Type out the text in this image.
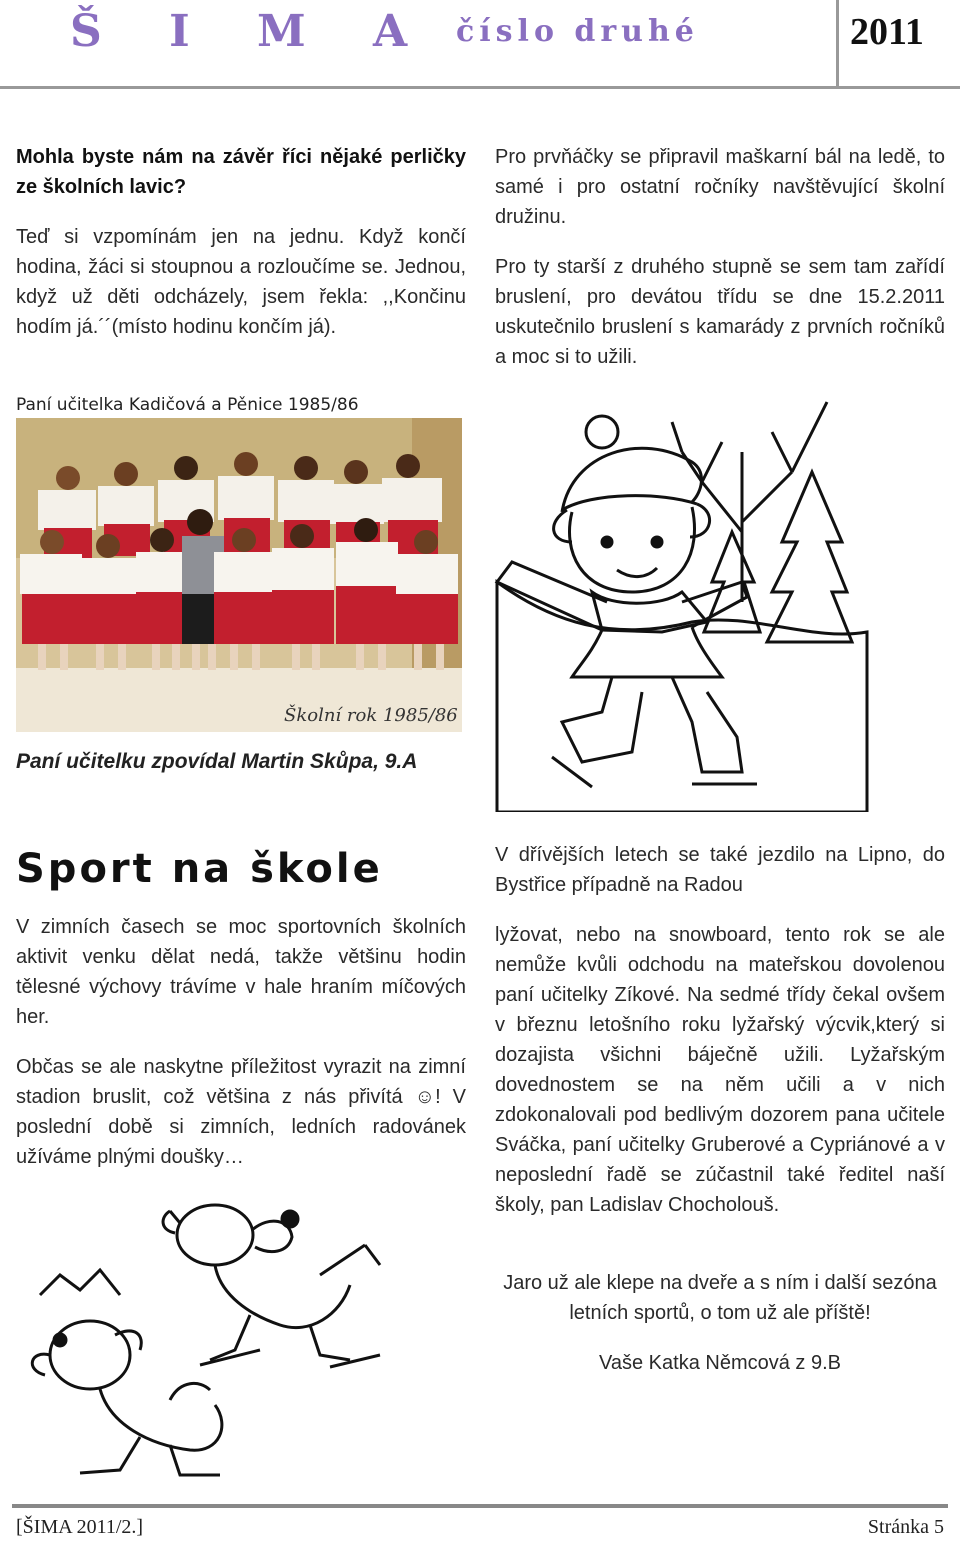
Š I M A číslo druhé	2011
Mohla byste nám na závěr říci nějaké perličky ze školních lavic?
Teď si vzpomínám jen na jednu. Když končí hodina, žáci si stoupnou a rozloučíme se. Jednou, když už děti odcházely, jsem řekla: ,,Končinu hodím já.´´(místo hodinu končím já).
Pro prvňáčky se připravil maškarní bál na ledě, to samé i pro ostatní ročníky navštěvující školní družinu.
Pro ty starší z druhého stupně se sem tam zařídí bruslení, pro devátou třídu se dne 15.2.2011 uskutečnilo bruslení s kamarády z prvních ročníků a moc si to užili.
Paní učitelka Kadičová a Pěnice 1985/86
Školní rok 1985/86
Paní učitelku zpovídal Martin Skůpa, 9.A
Sport na škole
V zimních časech se moc sportovních školních aktivit venku dělat nedá, takže většinu hodin tělesné výchovy trávíme v hale hraním míčových her.
Občas se ale naskytne příležitost vyrazit na zimní stadion bruslit, což většina z nás přivítá ☺! V poslední době si zimních, ledních radovánek užíváme plnými doušky…
V dřívějších letech se také jezdilo na Lipno, do Bystřice případně na Radou
lyžovat, nebo na snowboard, tento rok se ale nemůže kvůli odchodu na mateřskou dovolenou paní učitelky Zíkové. Na sedmé třídy čekal ovšem v březnu letošního roku lyžařský výcvik,který si dozajista všichni báječně užili. Lyžařským dovednostem se na něm učili a v nich zdokonalovali pod bedlivým dozorem pana učitele Sváčka, paní učitelky Gruberové a Cypriánové a v neposlední řadě se zúčastnil také ředitel naší školy, pan Ladislav Chocholouš.
Jaro už ale klepe na dveře a s ním i další sezóna letních sportů, o tom už ale příště!
Vaše Katka Němcová z 9.B
[ŠIMA 2011/2.]	Stránka 5
